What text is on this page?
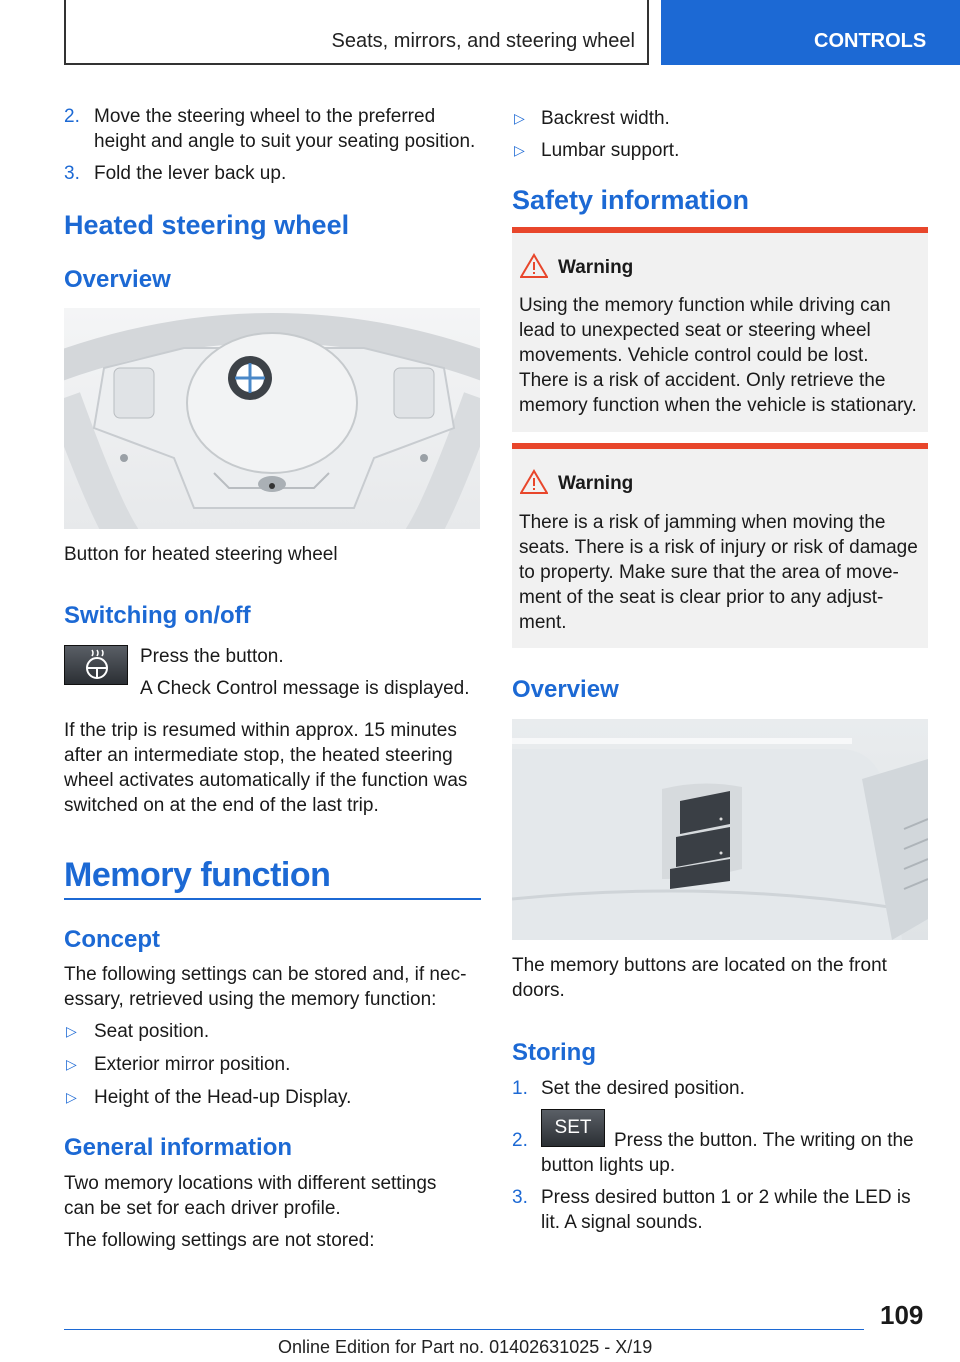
Seats, mirrors, and steering wheel	CONTROLS
2. Move the steering wheel to the preferred
height and angle to suit your seating position.
3. Fold the lever back up.
Heated steering wheel
Overview
Button for heated steering wheel
Switching on/off
Press the button.
A Check Control message is displayed.
If the trip is resumed within approx. 15 minutes
after an intermediate stop, the heated steering
wheel activates automatically if the function was
switched on at the end of the last trip.
Memory function
Concept
The following settings can be stored and, if nec-
essary, retrieved using the memory function:
▷ Seat position.
▷ Exterior mirror position.
▷ Height of the Head-up Display.
General information
Two memory locations with different settings
can be set for each driver profile.
The following settings are not stored:
▷ Backrest width.
▷ Lumbar support.
Safety information
Warning
Using the memory function while driving can
lead to unexpected seat or steering wheel
movements. Vehicle control could be lost.
There is a risk of accident. Only retrieve the
memory function when the vehicle is stationary.
Warning
There is a risk of jamming when moving the
seats. There is a risk of injury or risk of damage
to property. Make sure that the area of move-
ment of the seat is clear prior to any adjust-
ment.
Overview
The memory buttons are located on the front
doors.
Storing
1. Set the desired position.
2.
SET
Press the button. The writing on the
button lights up.
3. Press desired button 1 or 2 while the LED is
lit. A signal sounds.
109
Online Edition for Part no. 01402631025 - X/19
